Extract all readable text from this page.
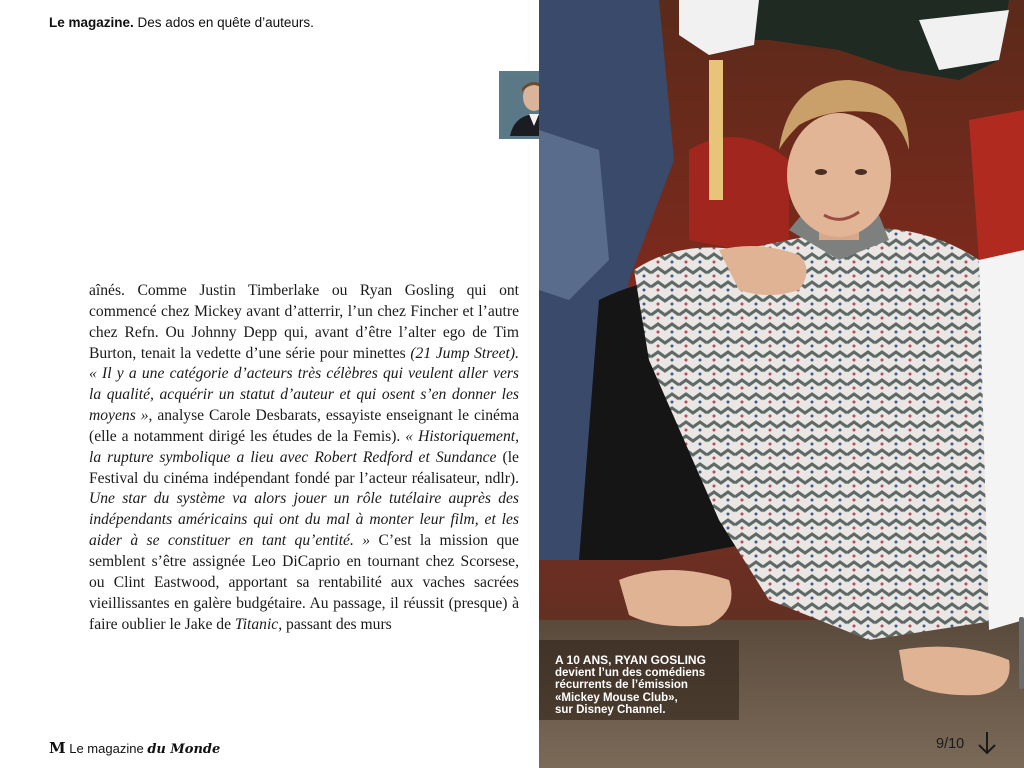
Le magazine. Des ados en quête d’auteurs.

aînés. Comme Justin Timberlake ou Ryan Gosling qui ont commencé chez Mickey avant d’atterrir, l’un chez Fincher et l’autre chez Refn. Ou Johnny Depp qui, avant d’être l’alter ego de Tim Burton, tenait la vedette d’une série pour minettes (21 Jump Street). « Il y a une catégorie d’acteurs très célèbres qui veulent aller vers la qualité, acquérir un statut d’auteur et qui osent s’en donner les moyens », analyse Carole Desbarats, essayiste enseignant le cinéma (elle a notamment dirigé les études de la Femis). « Historiquement, la rupture symbolique a lieu avec Robert Redford et Sundance (le Festival du cinéma indépendant fondé par l’acteur réalisateur, ndlr). Une star du système va alors jouer un rôle tutélaire auprès des indépendants américains qui ont du mal à monter leur film, et les aider à se constituer en tant qu’entité. » C’est la mission que semblent s’être assignée Leo DiCaprio en tournant chez Scorsese, ou Clint Eastwood, apportant sa rentabilité aux vaches sacrées vieillissantes en galère budgétaire. Au passage, il réussit (presque) à faire oublier le Jake de Titanic, passant des murs

A 10 ANS, RYAN GOSLING
devient l’un des comédiens
récurrents de l’émission
«Mickey Mouse Club»,
sur Disney Channel.
M Le magazine du Monde	9/10
